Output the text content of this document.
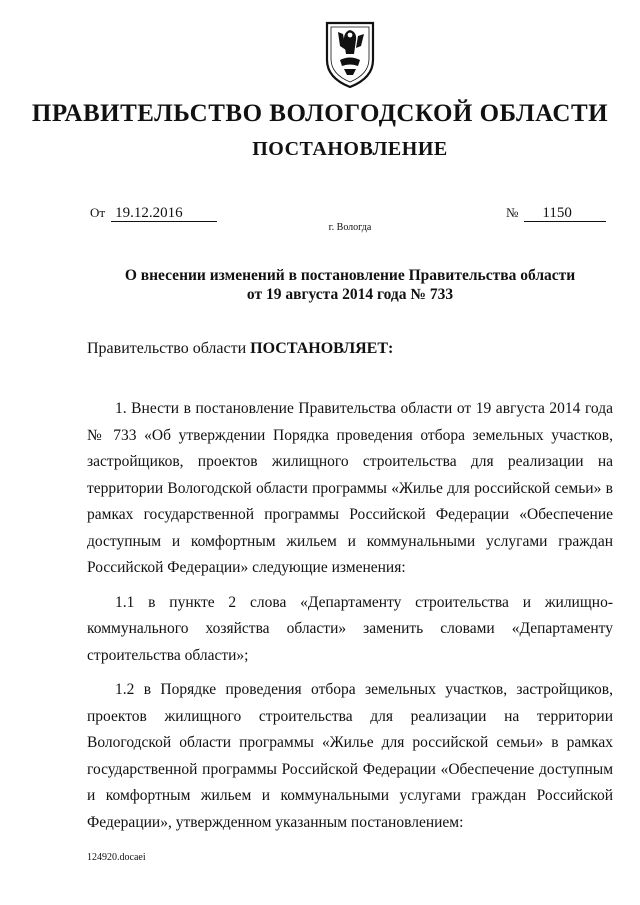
ПРАВИТЕЛЬСТВО ВОЛОГОДСКОЙ ОБЛАСТИ
ПОСТАНОВЛЕНИЕ
От 19.12.2016	№ 1150
г. Вологда
О внесении изменений в постановление Правительства области
от 19 августа 2014 года № 733
Правительство области ПОСТАНОВЛЯЕТ:

1. Внести в постановление Правительства области от 19 августа 2014 года № 733 «Об утверждении Порядка проведения отбора земельных участков, застройщиков, проектов жилищного строительства для реализации на территории Вологодской области программы «Жилье для российской семьи» в рамках государственной программы Российской Федерации «Обеспечение доступным и комфортным жильем и коммунальными услугами граждан Российской Федерации» следующие изменения:

1.1 в пункте 2 слова «Департаменту строительства и жилищно-коммунального хозяйства области» заменить словами «Департаменту строительства области»;

1.2 в Порядке проведения отбора земельных участков, застройщиков, проектов жилищного строительства для реализации на территории Вологодской области программы «Жилье для российской семьи» в рамках государственной программы Российской Федерации «Обеспечение доступным и комфортным жильем и коммунальными услугами граждан Российской Федерации», утвержденном указанным постановлением:

124920.docaei
